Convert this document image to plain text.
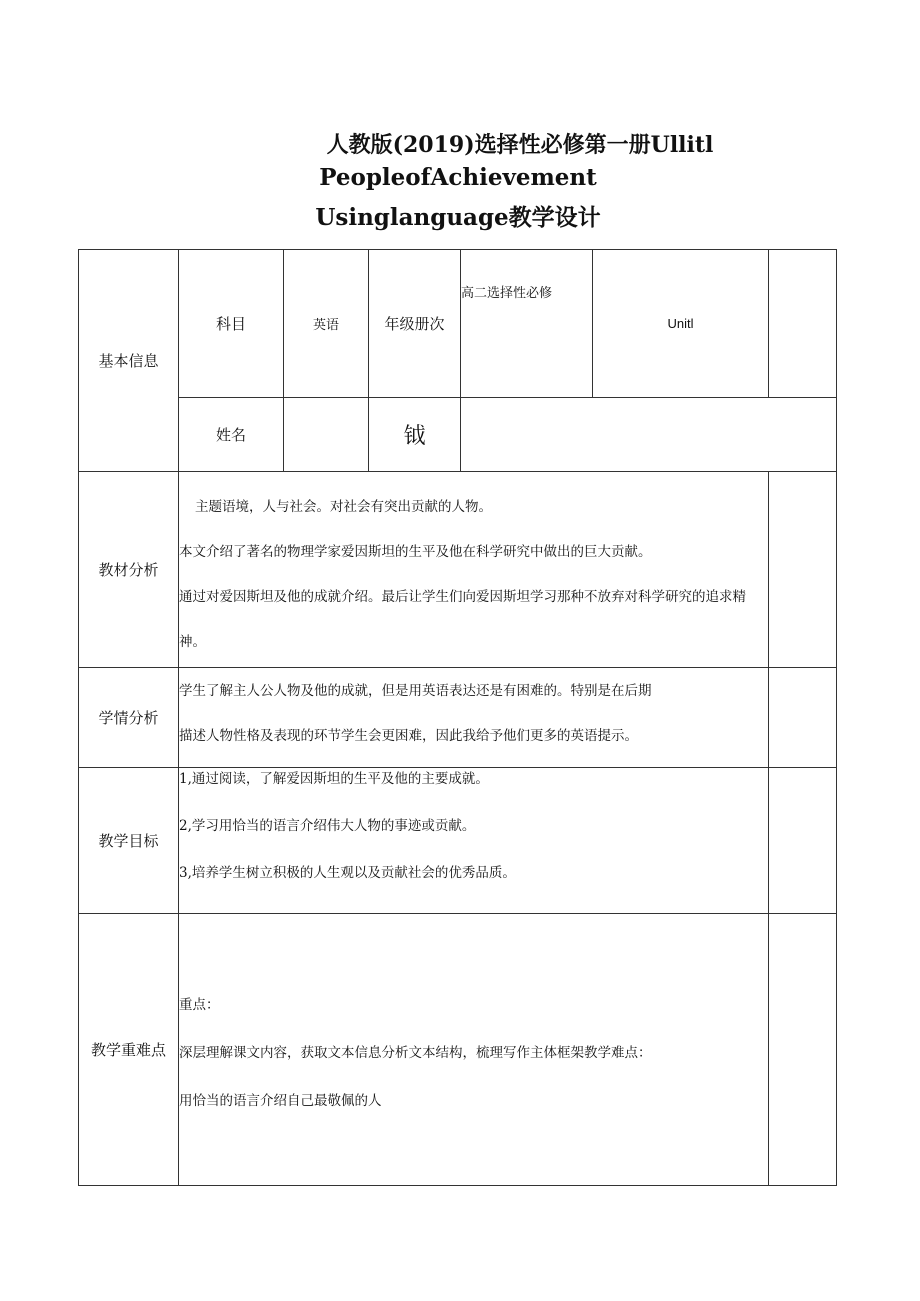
人教版(2019)选择性必修第一册Ullitl
PeopleofAchievement
Usinglanguage教学设计
基本信息	科目	英语	年级册次	高二选择性必修	Unitl	
	姓名		钺			
教材分析	主题语境，人与社会。对社会有突出贡献的人物。

本文介绍了著名的物理学家爱因斯坦的生平及他在科学研究中做出的巨大贡献。

通过对爱因斯坦及他的成就介绍。最后让学生们向爱因斯坦学习那种不放弃对科学研究的追求精

神。					

学情分析	学生了解主人公人物及他的成就，但是用英语表达还是有困难的。特别是在后期

描述人物性格及表现的环节学生会更困难，因此我给予他们更多的英语提示。					

教学目标	1,通过阅读，了解爱因斯坦的生平及他的主要成就。

2,学习用恰当的语言介绍伟大人物的事迹或贡献。

3,培养学生树立积极的人生观以及贡献社会的优秀品质。					

教学重难点	重点：

深层理解课文内容，获取文本信息分析文本结构，梳理写作主体框架教学难点：

用恰当的语言介绍自己最敬佩的人					
